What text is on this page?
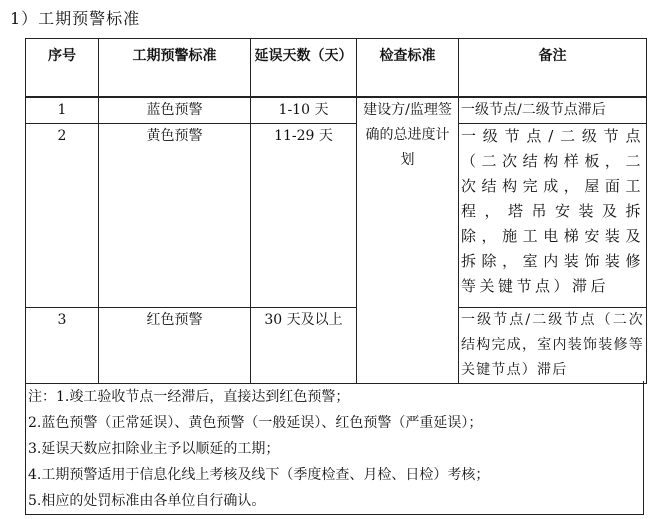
1）工期预警标准
序号	工期预警标准	延误天数（天）	检查标准	备注
1	蓝色预警	1-10 天	建设方/监理签确的总进度计划	一级节点/二级节点滞后
2	黄色预警	11-29 天		一级节点/二级节点（二次结构样板，二次结构完成，屋面工程，塔吊安装及拆除，施工电梯安装及拆除，室内装饰装修等关键节点）滞后
3	红色预警	30 天及以上		一级节点/二级节点（二次结构完成，室内装饰装修等关键节点）滞后
注：1.竣工验收节点一经滞后，直接达到红色预警；
2.蓝色预警（正常延误）、黄色预警（一般延误）、红色预警（严重延误）；
3.延误天数应扣除业主予以顺延的工期；
4.工期预警适用于信息化线上考核及线下（季度检查、月检、日检）考核；
5.相应的处罚标准由各单位自行确认。
